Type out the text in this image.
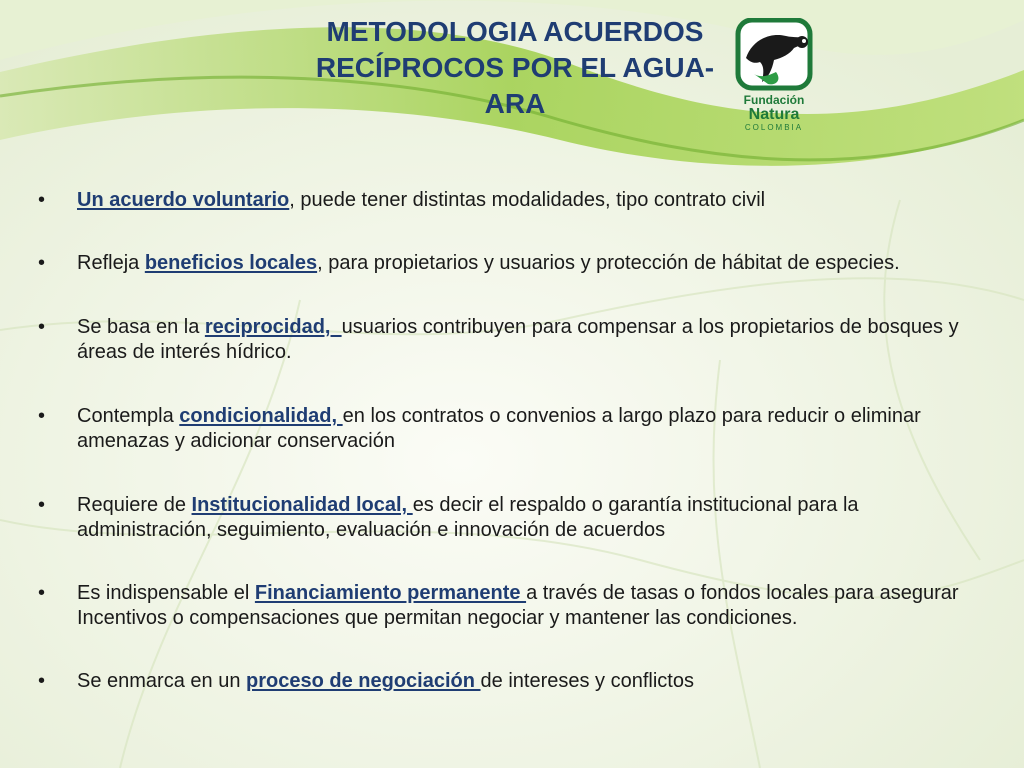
METODOLOGIA ACUERDOS RECÍPROCOS POR EL AGUA-ARA	Fundación
Natura
COLOMBIA
• Un acuerdo voluntario, puede tener distintas modalidades, tipo contrato civil
• Refleja beneficios locales, para propietarios y usuarios y protección de hábitat de especies.
• Se basa en la reciprocidad,  usuarios contribuyen para compensar a los propietarios de bosques y áreas de interés hídrico.
• Contempla condicionalidad, en los contratos o convenios a largo plazo para reducir o eliminar amenazas y adicionar conservación
• Requiere de Institucionalidad local, es decir el respaldo o garantía institucional para la administración, seguimiento, evaluación e innovación de acuerdos
• Es indispensable el Financiamiento permanente a través de tasas o fondos locales para asegurar Incentivos o compensaciones que permitan negociar y mantener las condiciones.
• Se enmarca en un proceso de negociación de intereses y conflictos
